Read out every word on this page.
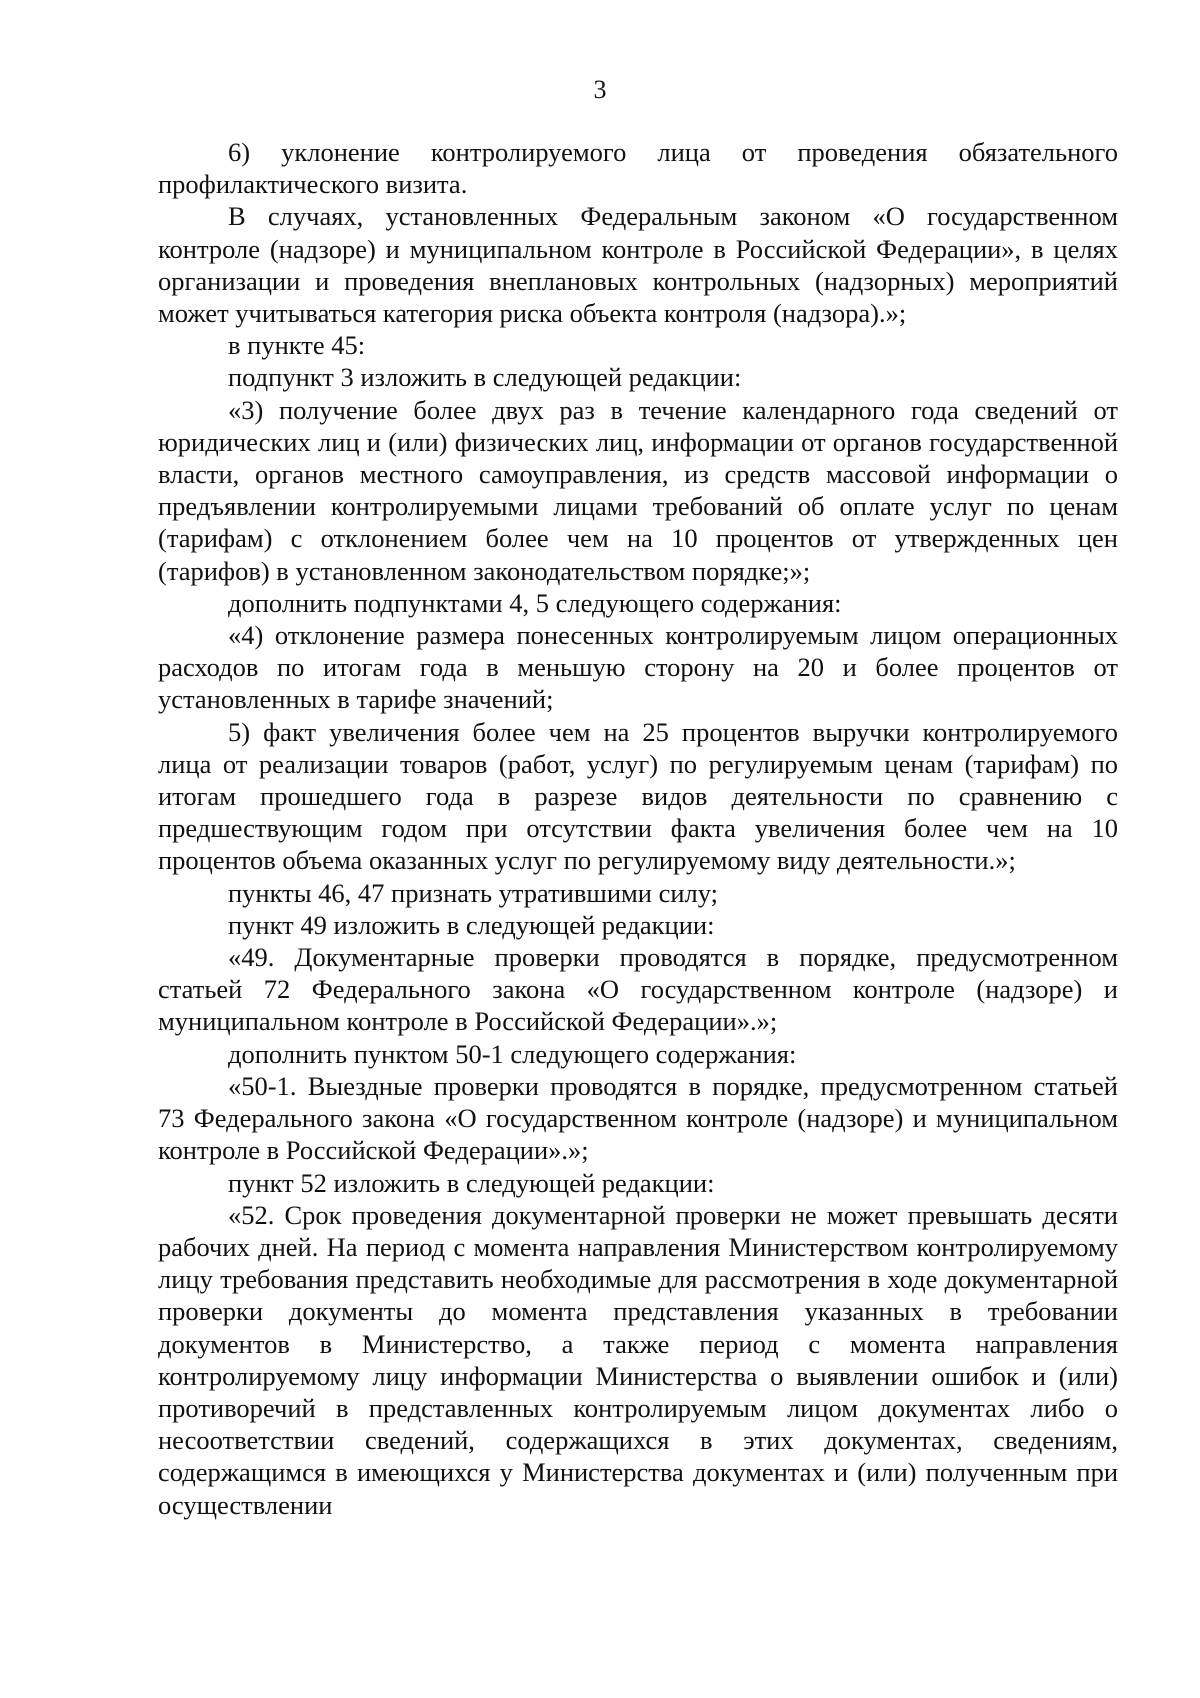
3

6) уклонение контролируемого лица от проведения обязательного профилактического визита.

В случаях, установленных Федеральным законом «О государственном контроле (надзоре) и муниципальном контроле в Российской Федерации», в целях организации и проведения внеплановых контрольных (надзорных) мероприятий может учитываться категория риска объекта контроля (надзора).»;

в пункте 45:

подпункт 3 изложить в следующей редакции:

«3) получение более двух раз в течение календарного года сведений от юридических лиц и (или) физических лиц, информации от органов государственной власти, органов местного самоуправления, из средств массовой информации о предъявлении контролируемыми лицами требований об оплате услуг по ценам (тарифам) с отклонением более чем на 10 процентов от утвержденных цен (тарифов) в установленном законодательством порядке;»;

дополнить подпунктами 4, 5 следующего содержания:

«4) отклонение размера понесенных контролируемым лицом операционных расходов по итогам года в меньшую сторону на 20 и более процентов от установленных в тарифе значений;

5) факт увеличения более чем на 25 процентов выручки контролируемого лица от реализации товаров (работ, услуг) по регулируемым ценам (тарифам) по итогам прошедшего года в разрезе видов деятельности по сравнению с предшествующим годом при отсутствии факта увеличения более чем на 10 процентов объема оказанных услуг по регулируемому виду деятельности.»;

пункты 46, 47 признать утратившими силу;

пункт 49 изложить в следующей редакции:

«49. Документарные проверки проводятся в порядке, предусмотренном статьей 72 Федерального закона «О государственном контроле (надзоре) и муниципальном контроле в Российской Федерации».»;

дополнить пунктом 50-1 следующего содержания:

«50-1. Выездные проверки проводятся в порядке, предусмотренном статьей 73 Федерального закона «О государственном контроле (надзоре) и муниципальном контроле в Российской Федерации».»;

пункт 52 изложить в следующей редакции:

«52. Срок проведения документарной проверки не может превышать десяти рабочих дней. На период с момента направления Министерством контролируемому лицу требования представить необходимые для рассмотрения в ходе документарной проверки документы до момента представления указанных в требовании документов в Министерство, а также период с момента направления контролируемому лицу информации Министерства о выявлении ошибок и (или) противоречий в представленных контролируемым лицом документах либо о несоответствии сведений, содержащихся в этих документах, сведениям, содержащимся в имеющихся у Министерства документах и (или) полученным при осуществлении
